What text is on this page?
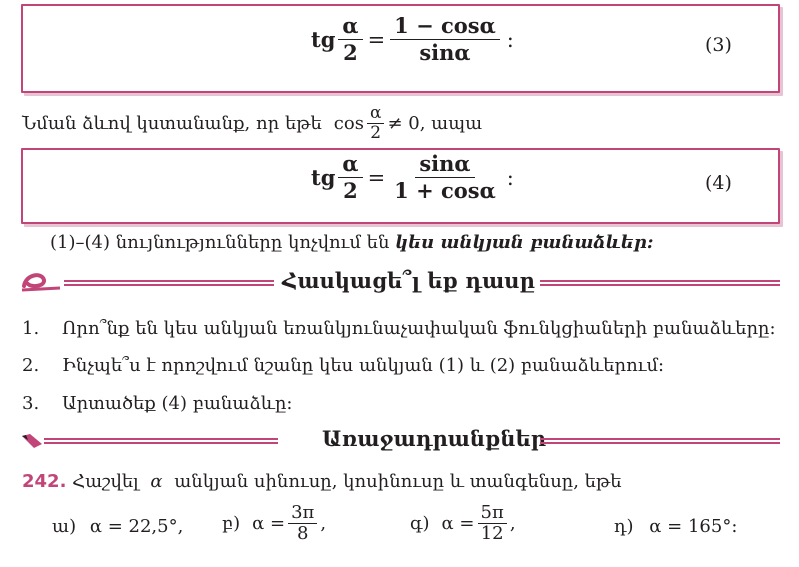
tg $\frac{\alpha}{2} = \frac{1 - \cos\alpha}{\sin\alpha}$ :	(3)
Նման ձևով կստանանք, որ եթե $\cos \frac{\alpha}{2} \ne 0$ , ապա
tg $\frac{\alpha}{2} = \frac{\sin\alpha}{1 + \cos\alpha}$ :	(4)
(1)–(4) նույնությունները կոչվում են կես անկյան բանաձևեր:
Հասկացե՞լ եք դասը
1. Որո՞նք են կես անկյան եռանկյունաչափական ֆունկցիաների բանաձևերը:
2. Ինչպե՞ս է որոշվում նշանը կես անկյան (1) և (2) բանաձևերում:
3. Արտածեք (4) բանաձևը:
Առաջադրանքներ
242. Հաշվել α անկյան սինուսը, կոսինուսը և տանգենսը, եթե
ա) α = 22,5°, բ) $\alpha = \frac{3\pi}{8}$ ,	գ) $\alpha = \frac{5\pi}{12}$ ,	դ) α = 165°:
